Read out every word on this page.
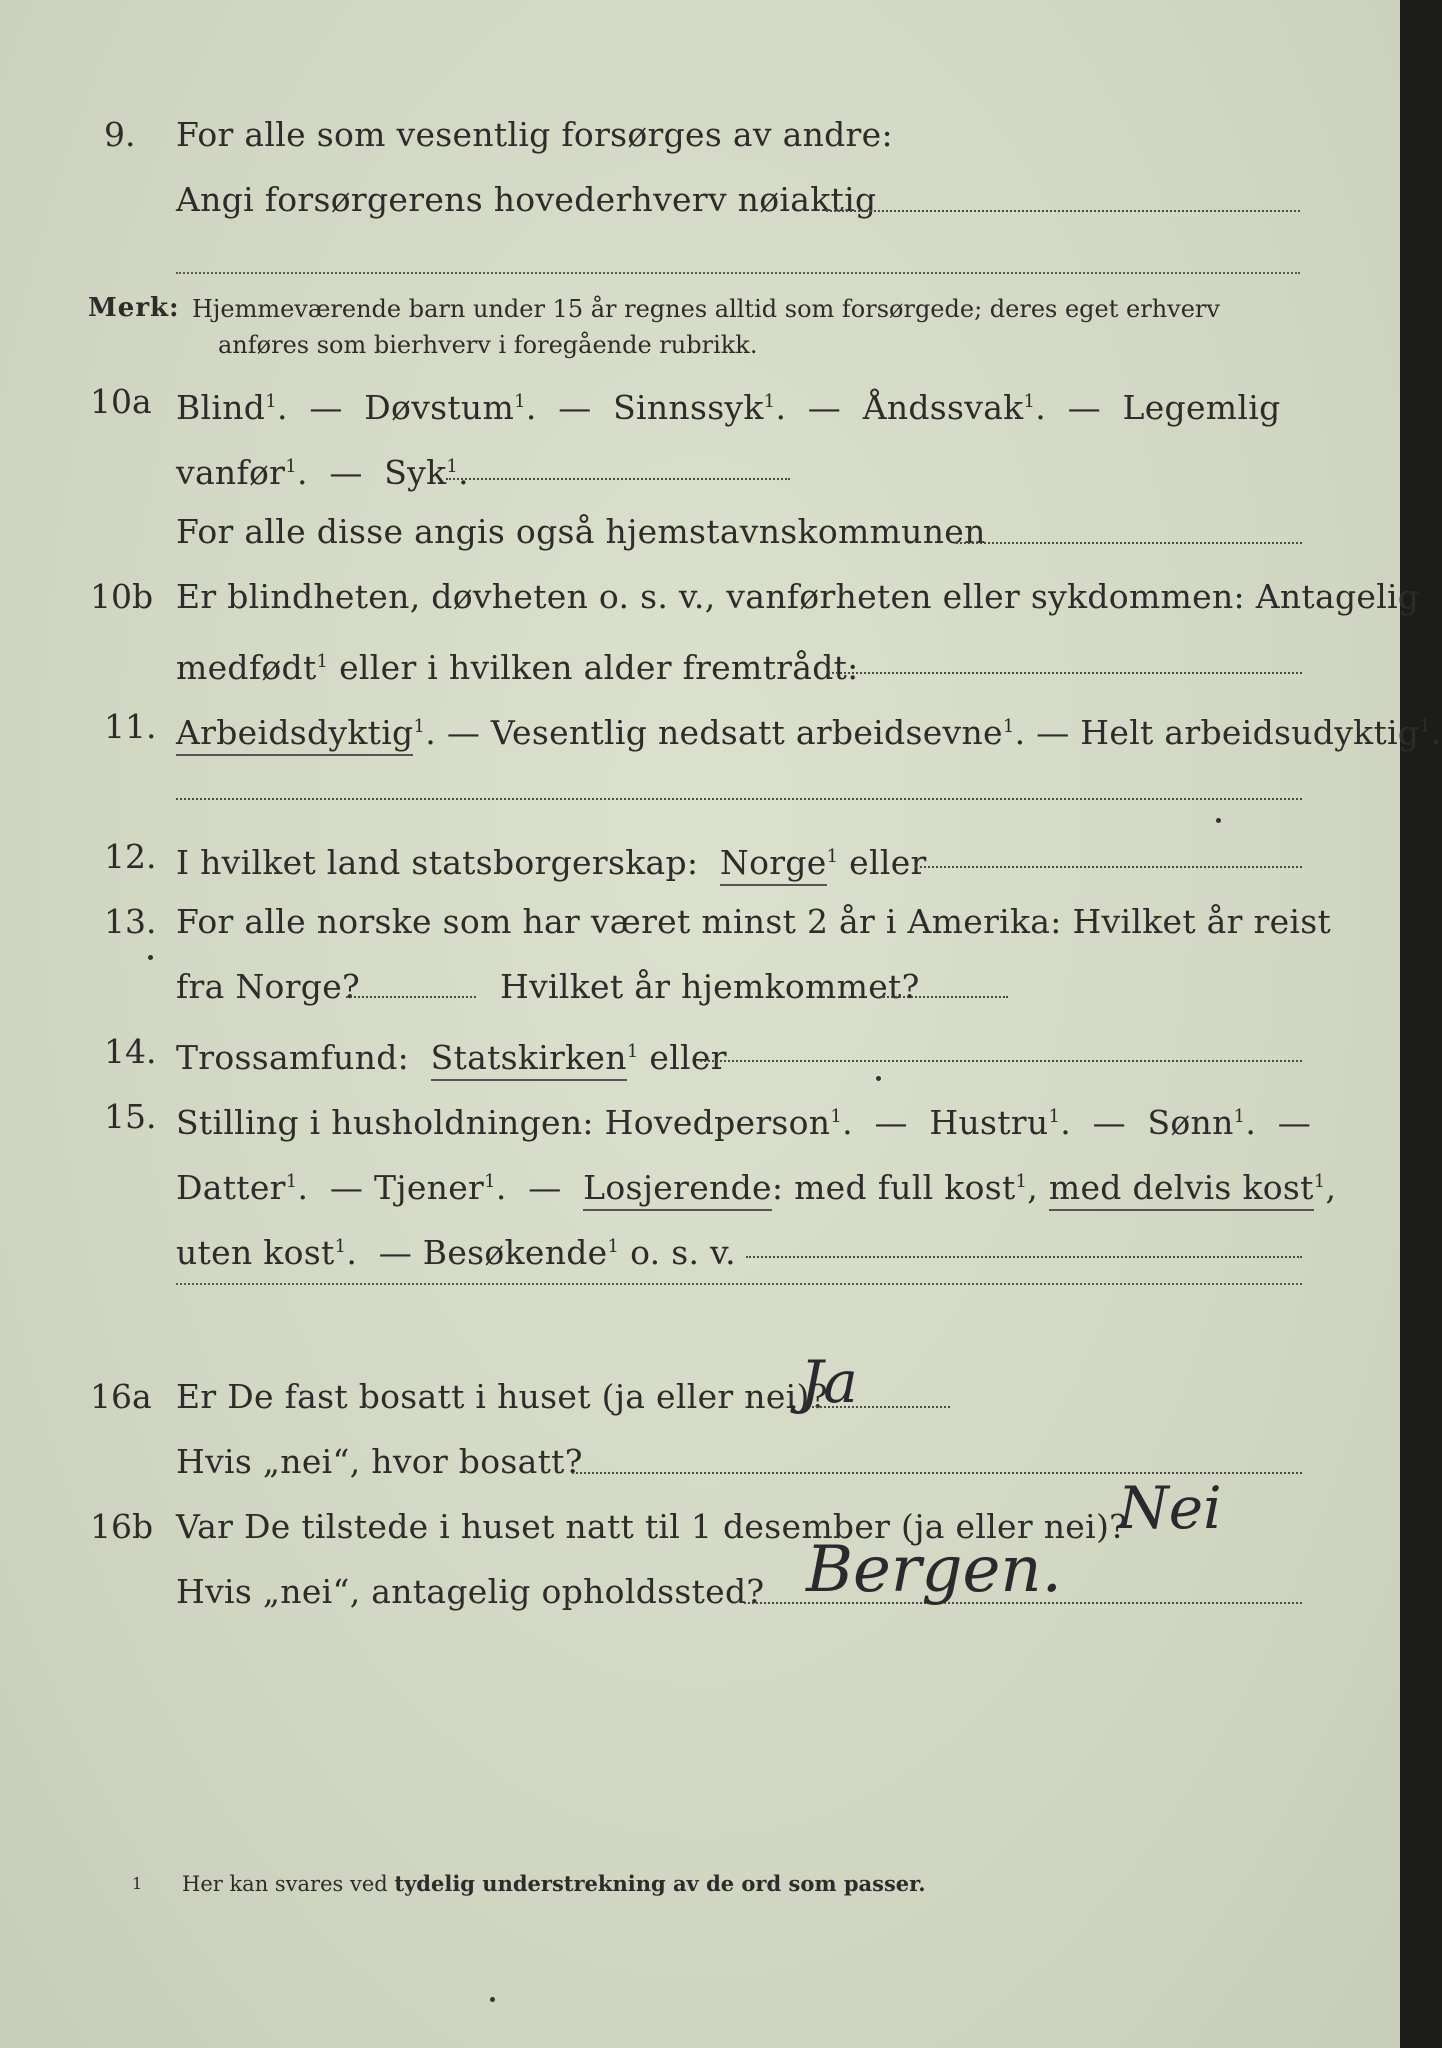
9. For alle som vesentlig forsørges av andre:
Angi forsørgerens hovederhverv nøiaktig
Merk: Hjemmeværende barn under 15 år regnes alltid som forsørgede; deres eget erhverv
anføres som bierhverv i foregående rubrikk.
10a Blind$^1$.  —  Døvstum$^1$.  —  Sinnssyk$^1$.  —  Åndssvak$^1$.  —  Legemlig
vanfør$^1$.  —  Syk$^1$.
For alle disse angis også hjemstavnskommunen
10b Er blindheten, døvheten o. s. v., vanførheten eller sykdommen: Antagelig
medfødt$^1$ eller i hvilken alder fremtrådt:
11. Arbeidsdyktig$^1$. — Vesentlig nedsatt arbeidsevne$^1$. — Helt arbeidsudyktig$^1$.
12. I hvilket land statsborgerskap: Norge$^1$ eller
13. For alle norske som har været minst 2 år i Amerika: Hvilket år reist
fra Norge?	Hvilket år hjemkommet?
14. Trossamfund: Statskirken$^1$ eller
15. Stilling i husholdningen: Hovedperson$^1$.  —  Hustru$^1$.  —  Sønn$^1$.  —
Datter$^1$.  — Tjener$^1$.  —  Losjerende: med full kost$^1$, med delvis kost$^1$,
uten kost$^1$.  — Besøkende$^1$ o. s. v.
16a Er De fast bosatt i huset (ja eller nei)?
Ja
Hvis „nei“, hvor bosatt?
16b Var De tilstede i huset natt til 1 desember (ja eller nei)?
Nei
Hvis „nei“, antagelig opholdssted? Bergen.
1 Her kan svares ved tydelig understrekning av de ord som passer.
